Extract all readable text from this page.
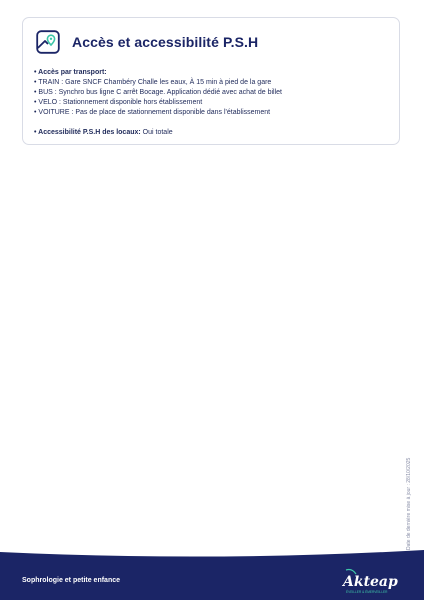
Accès et accessibilité P.S.H
• Accès par transport:
• TRAIN : Gare SNCF Chambéry Challe les eaux, À 15 min à pied de la gare
• BUS : Synchro bus ligne C arrêt Bocage. Application dédié avec achat de billet
• VELO : Stationnement disponible hors établissement
• VOITURE : Pas de place de stationnement disponible dans l'établissement
• Accessibilité P.S.H des locaux: Oui totale
Date de dernière mise à jour : 28/10/2025
Sophrologie et petite enfance	Akteap
ÉVEILLER & ÉMERVEILLER
